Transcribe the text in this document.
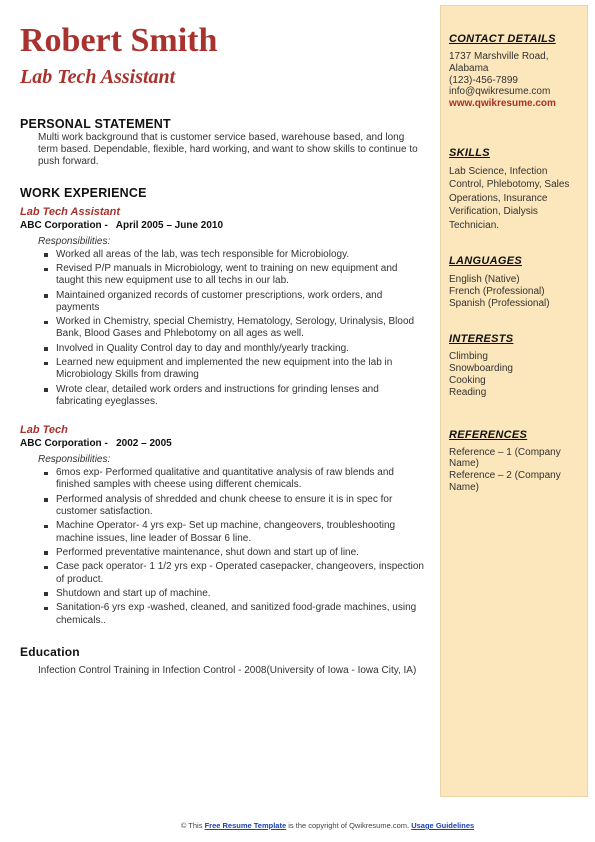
Robert Smith
Lab Tech Assistant
PERSONAL STATEMENT
Multi work background that is customer service based, warehouse based, and long term based. Dependable, flexible, hard working, and want to show skills to continue to push forward.
WORK EXPERIENCE
Lab Tech Assistant
ABC Corporation - April 2005 – June 2010
Responsibilities:
Worked all areas of the lab, was tech responsible for Microbiology.
Revised P/P manuals in Microbiology, went to training on new equipment and taught this new equipment use to all techs in our lab.
Maintained organized records of customer prescriptions, work orders, and payments
Worked in Chemistry, special Chemistry, Hematology, Serology, Urinalysis, Blood Bank, Blood Gases and Phlebotomy on all ages as well.
Involved in Quality Control day to day and monthly/yearly tracking.
Learned new equipment and implemented the new equipment into the lab in Microbiology Skills from drawing
Wrote clear, detailed work orders and instructions for grinding lenses and fabricating eyeglasses.
Lab Tech
ABC Corporation - 2002 – 2005
Responsibilities:
6mos exp- Performed qualitative and quantitative analysis of raw blends and finished samples with cheese using different chemicals.
Performed analysis of shredded and chunk cheese to ensure it is in spec for customer satisfaction.
Machine Operator- 4 yrs exp- Set up machine, changeovers, troubleshooting machine issues, line leader of Bossar 6 line.
Performed preventative maintenance, shut down and start up of line.
Case pack operator- 1 1/2 yrs exp - Operated casepacker, changeovers, inspection of product.
Shutdown and start up of machine.
Sanitation-6 yrs exp -washed, cleaned, and sanitized food-grade machines, using chemicals..
Education
Infection Control Training in Infection Control - 2008(University of Iowa - Iowa City, IA)
CONTACT DETAILS
1737 Marshville Road, Alabama
(123)-456-7899
info@qwikresume.com
www.qwikresume.com
SKILLS
Lab Science, Infection Control, Phlebotomy, Sales Operations, Insurance Verification, Dialysis Technician.
LANGUAGES
English (Native)
French (Professional)
Spanish (Professional)
INTERESTS
Climbing
Snowboarding
Cooking
Reading
REFERENCES
Reference – 1 (Company Name)
Reference – 2 (Company Name)
© This Free Resume Template is the copyright of Qwikresume.com. Usage Guidelines
